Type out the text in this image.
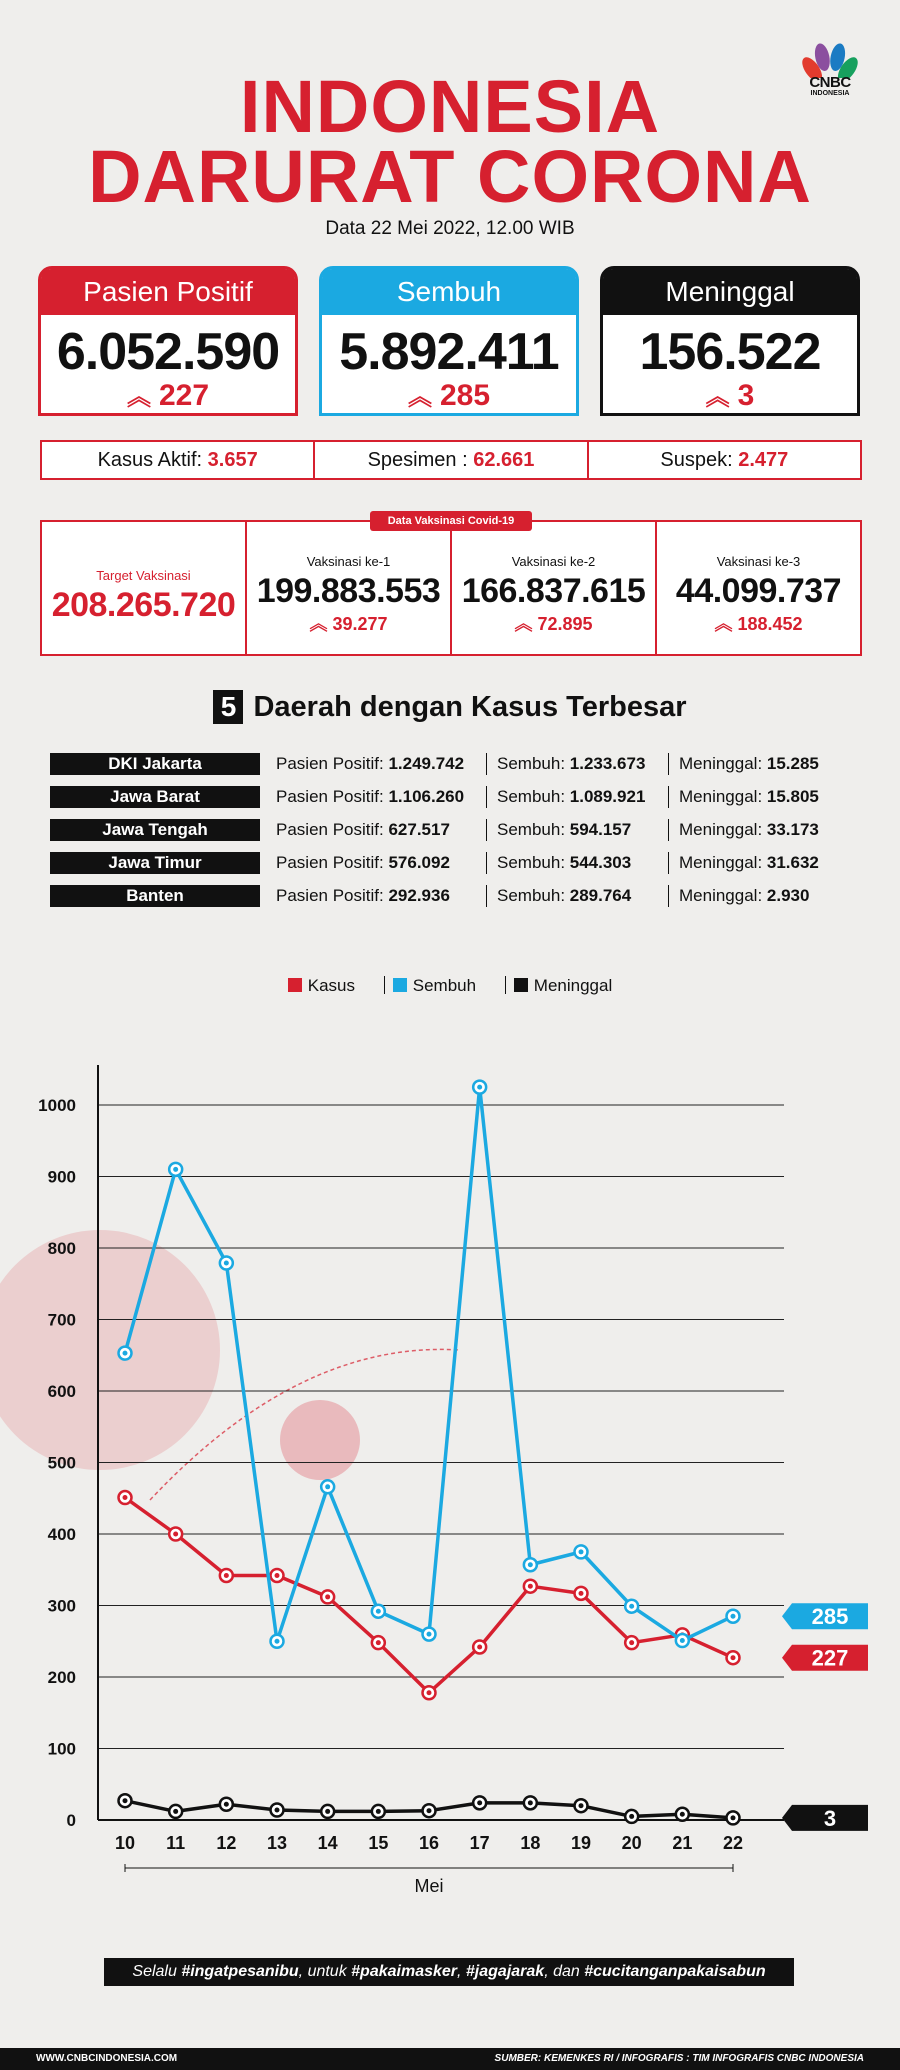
CNBC
INDONESIA
INDONESIA
DARURAT CORONA
Data 22 Mei 2022, 12.00 WIB
Pasien Positif
6.052.590
︽ 227
Sembuh
5.892.411
︽ 285
Meninggal
156.522
︽ 3
Kasus Aktif: 3.657	Spesimen : 62.661	Suspek: 2.477
Target Vaksinasi
208.265.720
Vaksinasi ke-1
199.883.553
︽ 39.277
Vaksinasi ke-2
166.837.615
︽ 72.895
Vaksinasi ke-3
44.099.737
︽ 188.452
Data Vaksinasi Covid-19
5 Daerah dengan Kasus Terbesar
DKI Jakarta	Pasien Positif: 1.249.742	Sembuh: 1.233.673	Meninggal: 15.285
Jawa Barat	Pasien Positif: 1.106.260	Sembuh: 1.089.921	Meninggal: 15.805
Jawa Tengah	Pasien Positif: 627.517	Sembuh: 594.157	Meninggal: 33.173
Jawa Timur	Pasien Positif: 576.092	Sembuh: 544.303	Meninggal: 31.632
Banten	Pasien Positif: 292.936	Sembuh: 289.764	Meninggal: 2.930
Kasus	Sembuh	Meninggal
0
100
200
300
400
500
600
700
800
900
1000
10 11 12 13 14 15 16 17 18 19 20 21 22
Mei
227
285
3
Selalu #ingatpesanibu, untuk #pakaimasker, #jagajarak, dan #cucitanganpakaisabun
WWW.CNBCINDONESIA.COM	SUMBER: KEMENKES RI / INFOGRAFIS : TIM INFOGRAFIS CNBC INDONESIA
